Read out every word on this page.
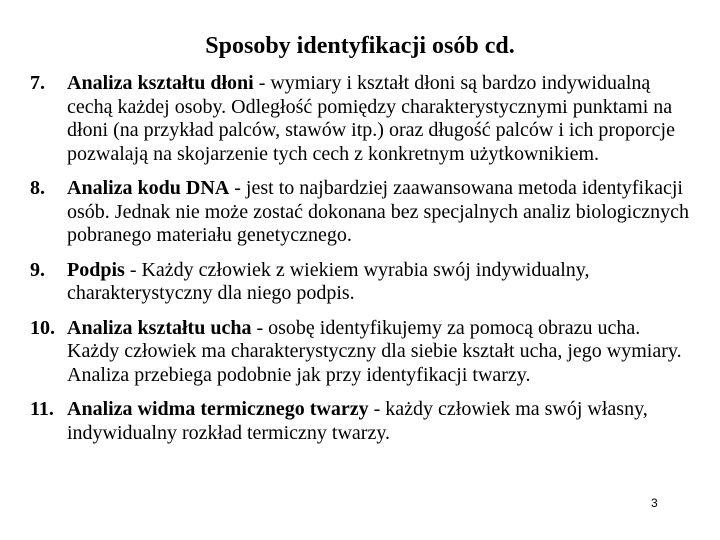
Sposoby identyfikacji osób cd.
7. Analiza kształtu dłoni - wymiary i kształt dłoni są bardzo indywidualną cechą każdej osoby. Odległość pomiędzy charakterystycznymi punktami na dłoni (na przykład palców, stawów itp.) oraz długość palców i ich proporcje pozwalają na skojarzenie tych cech z konkretnym użytkownikiem.
8. Analiza kodu DNA - jest to najbardziej zaawansowana metoda identyfikacji osób. Jednak nie może zostać dokonana bez specjalnych analiz biologicznych pobranego materiału genetycznego.
9. Podpis - Każdy człowiek z wiekiem wyrabia swój indywidualny, charakterystyczny dla niego podpis.
10. Analiza kształtu ucha - osobę identyfikujemy za pomocą obrazu ucha. Każdy człowiek ma charakterystyczny dla siebie kształt ucha, jego wymiary. Analiza przebiega podobnie jak przy identyfikacji twarzy.
11. Analiza widma termicznego twarzy - każdy człowiek ma swój własny, indywidualny rozkład termiczny twarzy.
3
